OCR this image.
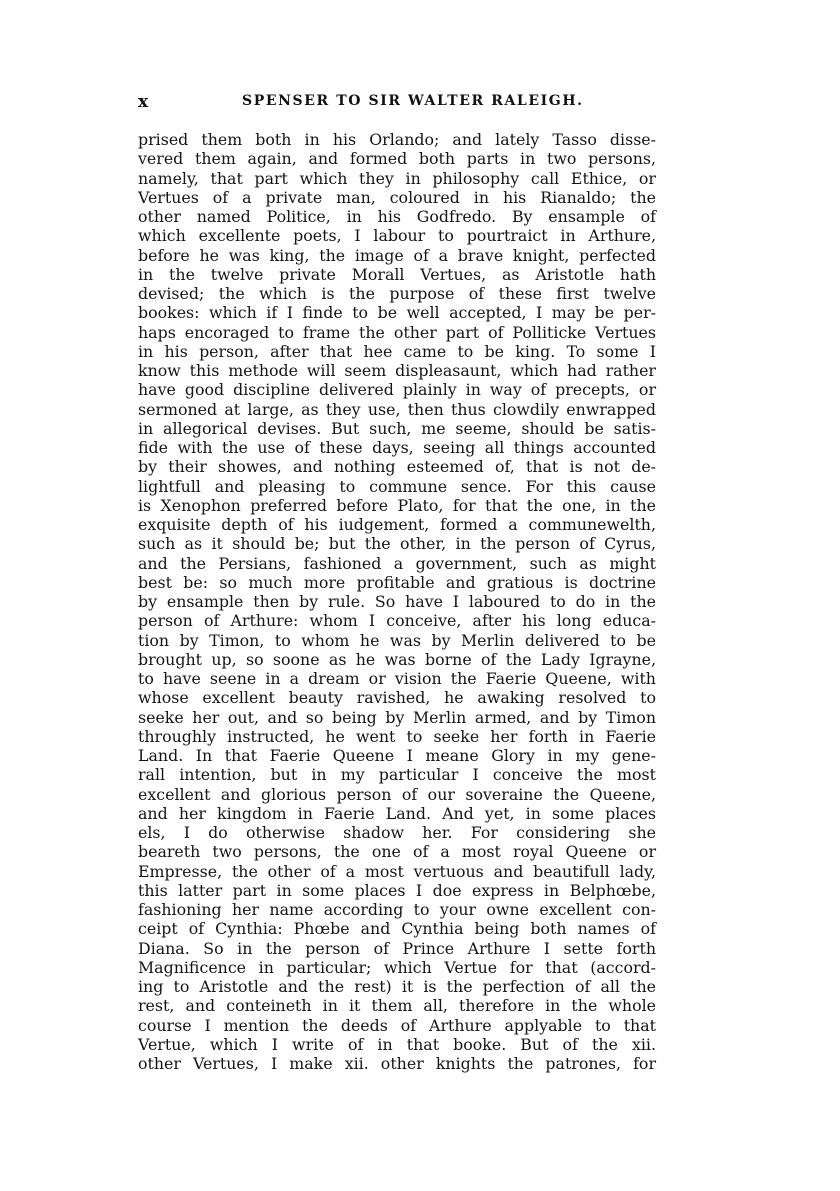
x	SPENSER TO SIR WALTER RALEIGH.
prised them both in his Orlando; and lately Tasso disse-
vered them again, and formed both parts in two persons,
namely, that part which they in philosophy call Ethice, or
Vertues of a private man, coloured in his Rianaldo; the
other named Politice, in his Godfredo. By ensample of
which excellente poets, I labour to pourtraict in Arthure,
before he was king, the image of a brave knight, perfected
in the twelve private Morall Vertues, as Aristotle hath
devised; the which is the purpose of these first twelve
bookes: which if I finde to be well accepted, I may be per-
haps encoraged to frame the other part of Polliticke Vertues
in his person, after that hee came to be king. To some I
know this methode will seem displeasaunt, which had rather
have good discipline delivered plainly in way of precepts, or
sermoned at large, as they use, then thus clowdily enwrapped
in allegorical devises. But such, me seeme, should be satis-
fide with the use of these days, seeing all things accounted
by their showes, and nothing esteemed of, that is not de-
lightfull and pleasing to commune sence. For this cause
is Xenophon preferred before Plato, for that the one, in the
exquisite depth of his iudgement, formed a communewelth,
such as it should be; but the other, in the person of Cyrus,
and the Persians, fashioned a government, such as might
best be: so much more profitable and gratious is doctrine
by ensample then by rule. So have I laboured to do in the
person of Arthure: whom I conceive, after his long educa-
tion by Timon, to whom he was by Merlin delivered to be
brought up, so soone as he was borne of the Lady Igrayne,
to have seene in a dream or vision the Faerie Queene, with
whose excellent beauty ravished, he awaking resolved to
seeke her out, and so being by Merlin armed, and by Timon
throughly instructed, he went to seeke her forth in Faerie
Land. In that Faerie Queene I meane Glory in my gene-
rall intention, but in my particular I conceive the most
excellent and glorious person of our soveraine the Queene,
and her kingdom in Faerie Land. And yet, in some places
els, I do otherwise shadow her. For considering she
beareth two persons, the one of a most royal Queene or
Empresse, the other of a most vertuous and beautifull lady,
this latter part in some places I doe express in Belphœbe,
fashioning her name according to your owne excellent con-
ceipt of Cynthia: Phœbe and Cynthia being both names of
Diana. So in the person of Prince Arthure I sette forth
Magnificence in particular; which Vertue for that (accord-
ing to Aristotle and the rest) it is the perfection of all the
rest, and conteineth in it them all, therefore in the whole
course I mention the deeds of Arthure applyable to that
Vertue, which I write of in that booke. But of the xii.
other Vertues, I make xii. other knights the patrones, for
